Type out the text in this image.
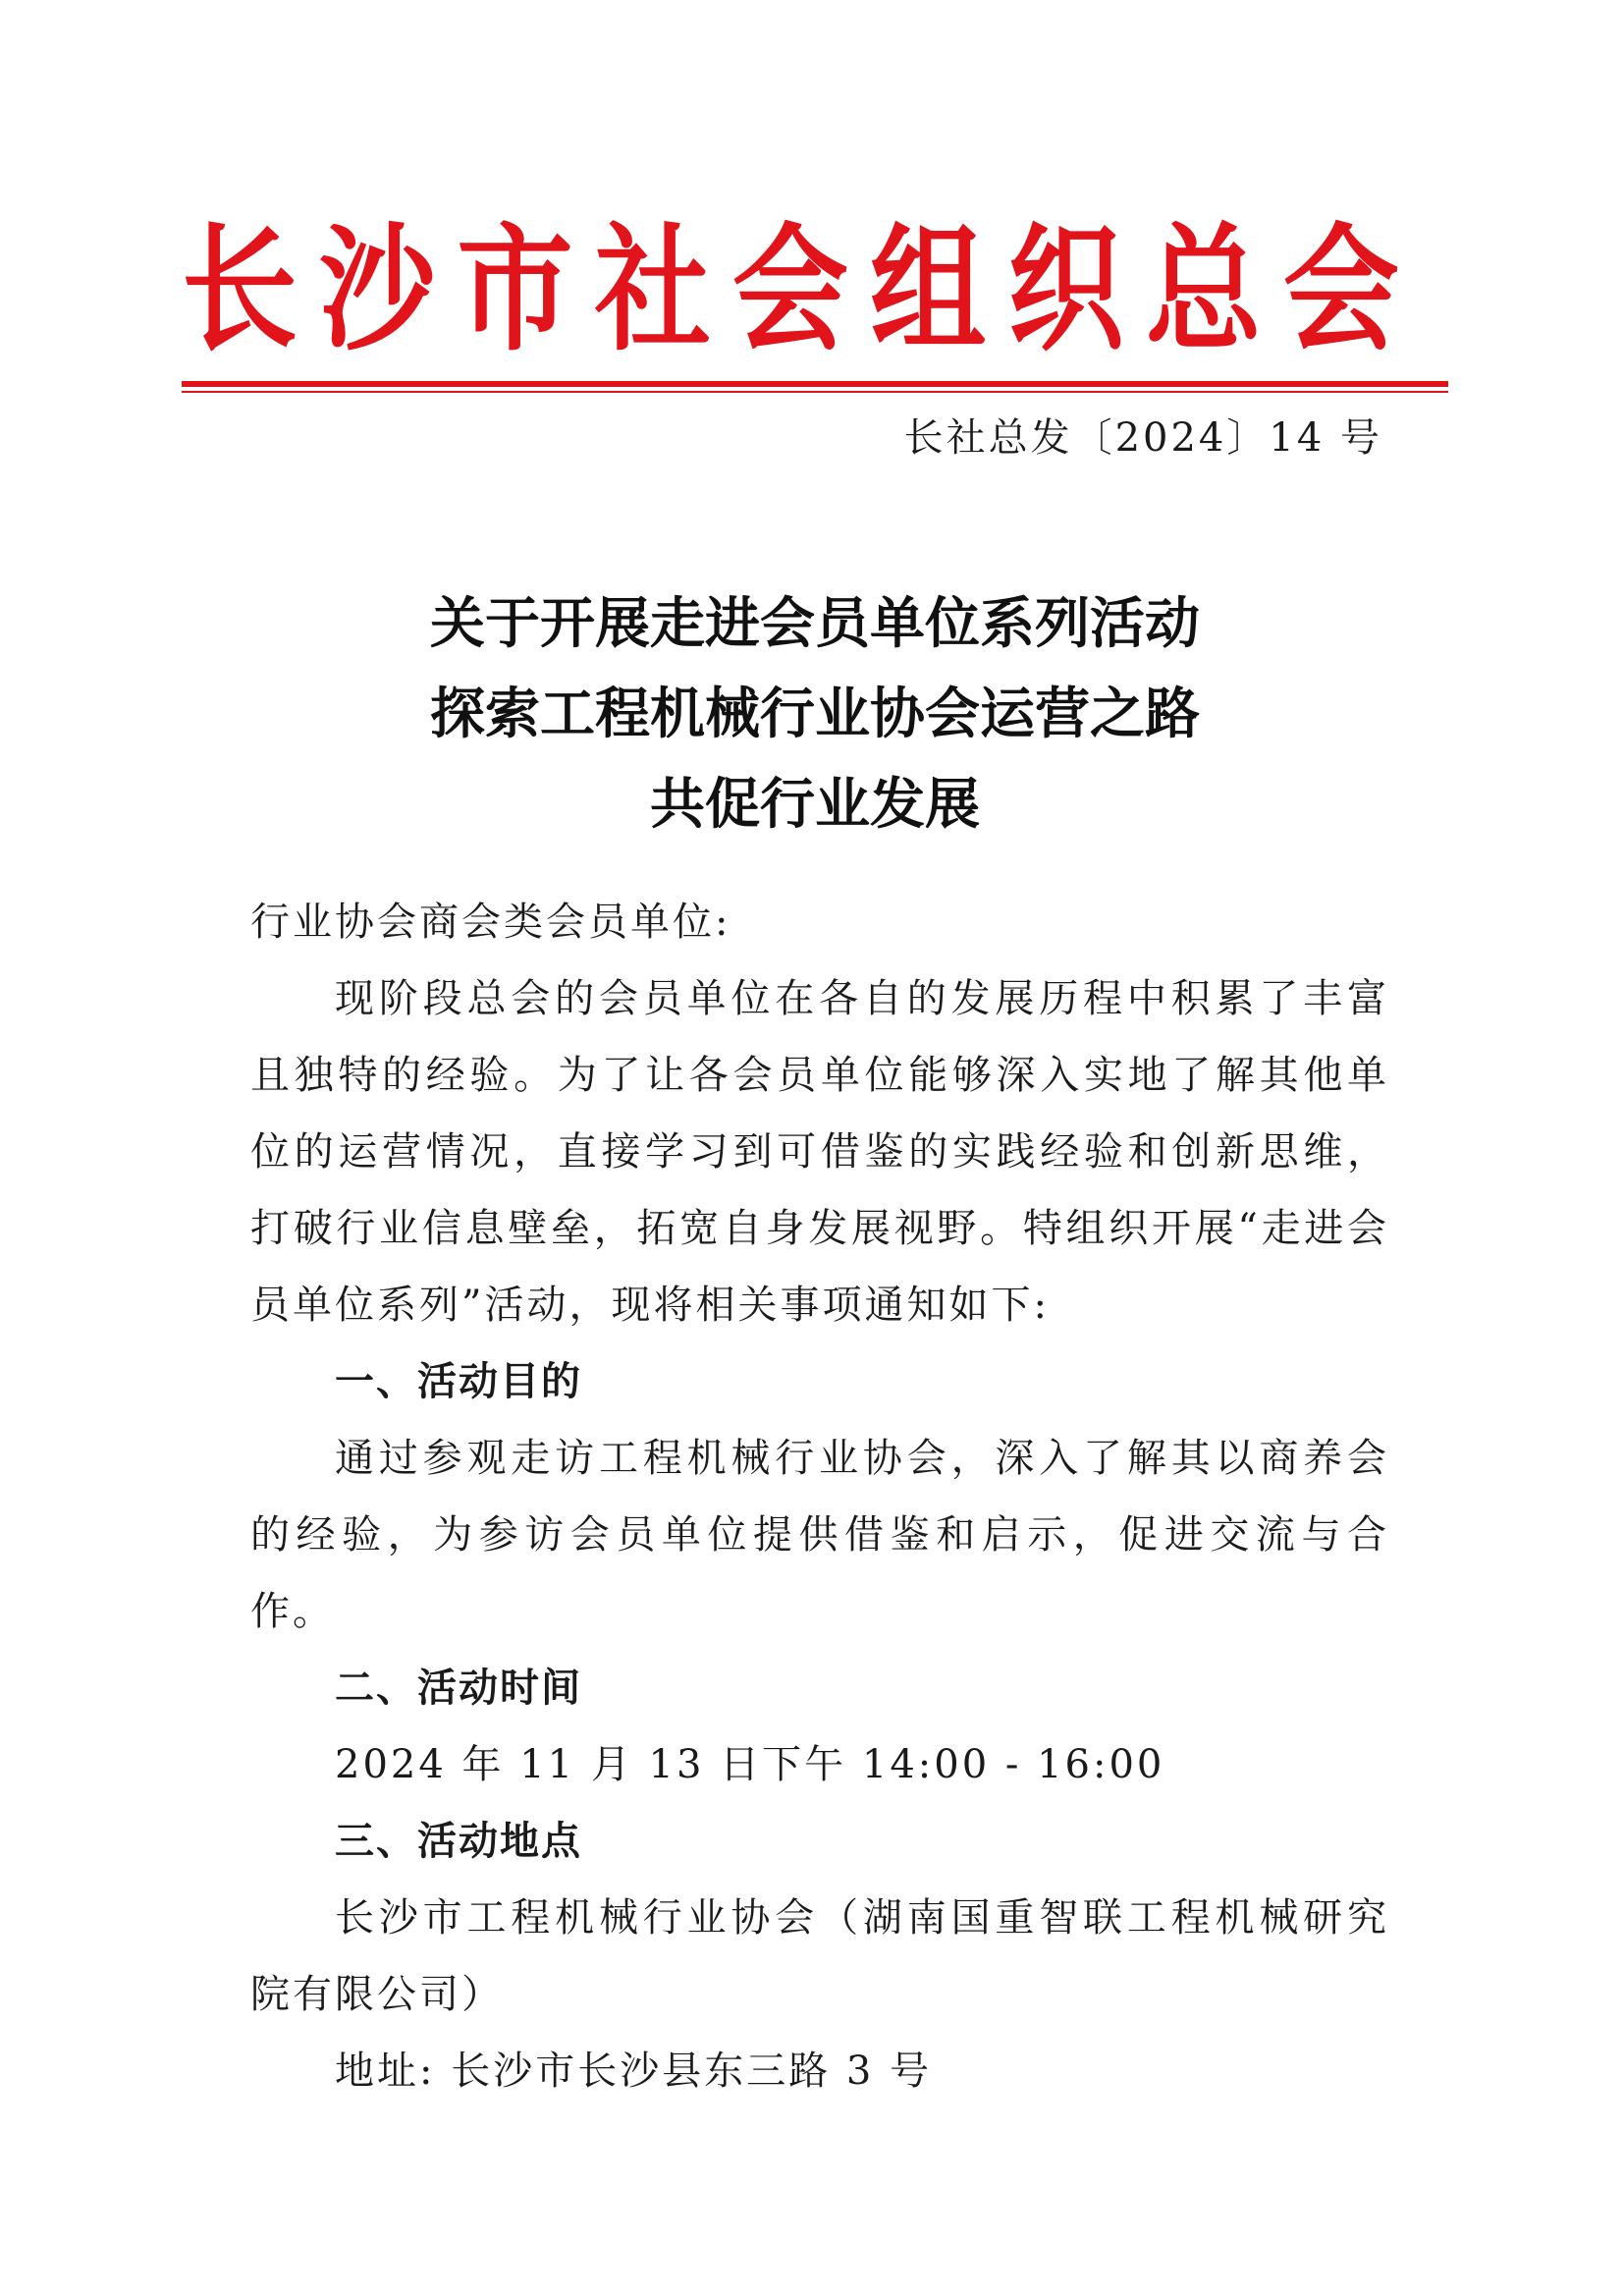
长 沙 市 社 会 组 织 总 会
长社总发〔2024〕14 号
关于开展走进会员单位系列活动
探索工程机械行业协会运营之路
共促行业发展

行业协会商会类会员单位:

现阶段总会的会员单位在各自的发展历程中积累了丰富且独特的经验。为了让各会员单位能够深入实地了解其他单位的运营情况，直接学习到可借鉴的实践经验和创新思维，打破行业信息壁垒，拓宽自身发展视野。特组织开展“走进会员单位系列”活动，现将相关事项通知如下:

一、活动目的

通过参观走访工程机械行业协会，深入了解其以商养会的经验，为参访会员单位提供借鉴和启示，促进交流与合作。

二、活动时间

2024 年 11 月 13 日下午 14:00 - 16:00

三、活动地点

长沙市工程机械行业协会（湖南国重智联工程机械研究院有限公司）

地址: 长沙市长沙县东三路 3 号
